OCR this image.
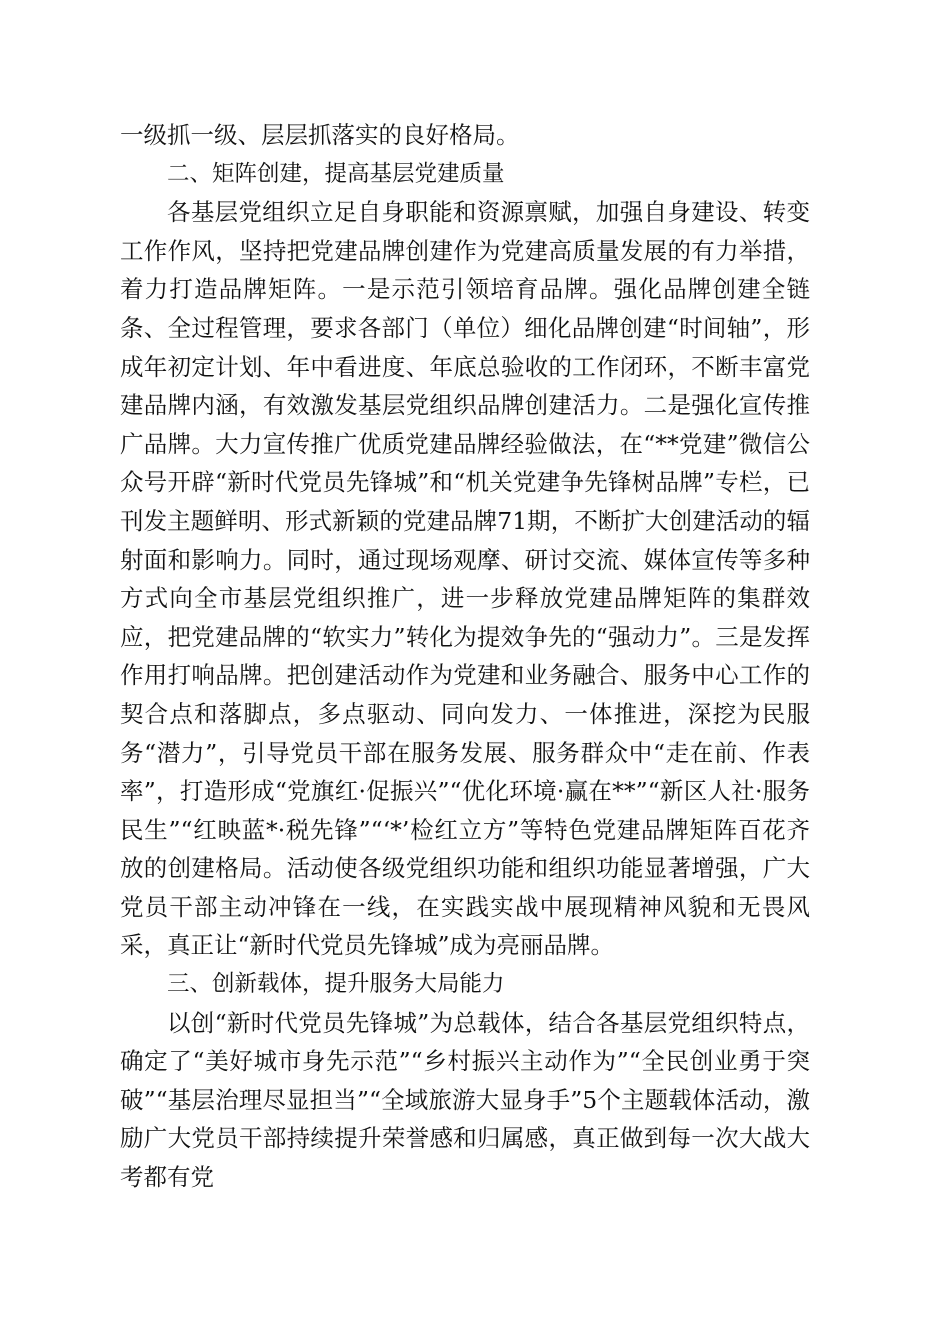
一级抓一级、层层抓落实的良好格局。

二、矩阵创建，提高基层党建质量

各基层党组织立足自身职能和资源禀赋，加强自身建设、转变工作作风，坚持把党建品牌创建作为党建高质量发展的有力举措，着力打造品牌矩阵。一是示范引领培育品牌。强化品牌创建全链条、全过程管理，要求各部门（单位）细化品牌创建“时间轴”，形成年初定计划、年中看进度、年底总验收的工作闭环，不断丰富党建品牌内涵，有效激发基层党组织品牌创建活力。二是强化宣传推广品牌。大力宣传推广优质党建品牌经验做法，在“**党建”微信公众号开辟“新时代党员先锋城”和“机关党建争先锋树品牌”专栏，已刊发主题鲜明、形式新颖的党建品牌71期，不断扩大创建活动的辐射面和影响力。同时，通过现场观摩、研讨交流、媒体宣传等多种方式向全市基层党组织推广，进一步释放党建品牌矩阵的集群效应，把党建品牌的“软实力”转化为提效争先的“强动力”。三是发挥作用打响品牌。把创建活动作为党建和业务融合、服务中心工作的契合点和落脚点，多点驱动、同向发力、一体推进，深挖为民服务“潜力”，引导党员干部在服务发展、服务群众中“走在前、作表率”，打造形成“党旗红·促振兴”“优化环境·赢在**”“新区人社·服务民生”“红映蓝*·税先锋”“‘*’检红立方”等特色党建品牌矩阵百花齐放的创建格局。活动使各级党组织功能和组织功能显著增强，广大党员干部主动冲锋在一线，在实践实战中展现精神风貌和无畏风采，真正让“新时代党员先锋城”成为亮丽品牌。

三、创新载体，提升服务大局能力

以创“新时代党员先锋城”为总载体，结合各基层党组织特点，确定了“美好城市身先示范”“乡村振兴主动作为”“全民创业勇于突破”“基层治理尽显担当”“全域旅游大显身手”5个主题载体活动，激励广大党员干部持续提升荣誉感和归属感，真正做到每一次大战大考都有党
